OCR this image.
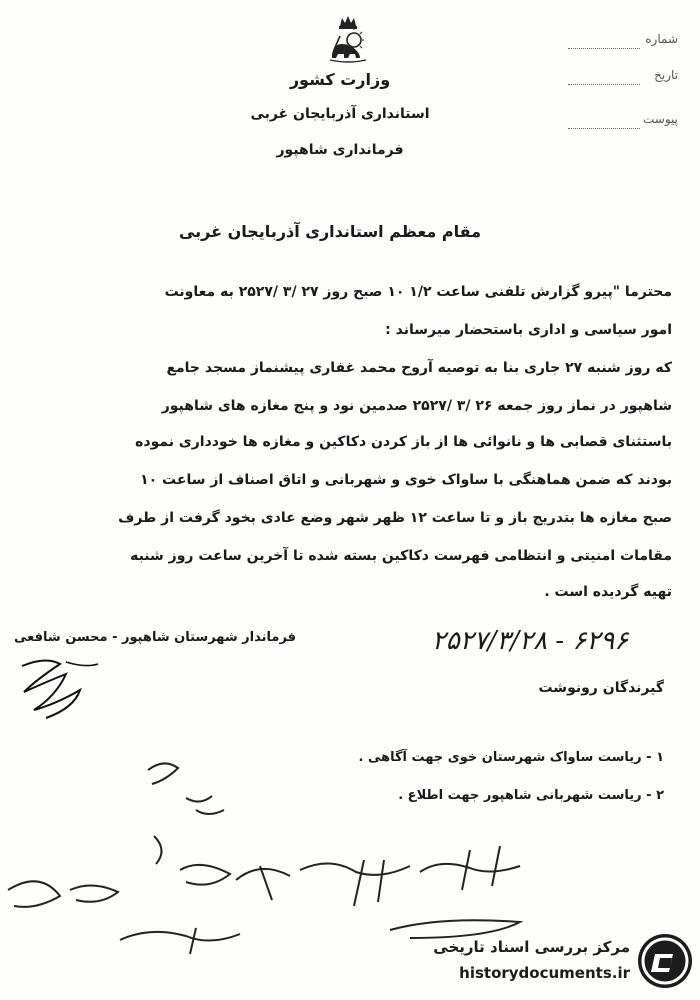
شماره
تاریخ
پیوست
وزارت کشور
استانداری آذربایجان غربی
فرمانداری شاهپور
مقام معظم استانداری آذربایجان غربی
محترما "پیرو گزارش تلفنی ساعت ۱/۲ ۱۰ صبح روز ۲۷ /۳ /۲۵۲۷ به معاونت
امور سیاسی و اداری باستحضار میرساند :
که روز شنبه ۲۷ جاری بنا به توصیه آروح محمد غفاری پیشنماز مسجد جامع
شاهپور در نماز روز جمعه ۲۶ /۳ /۲۵۲۷ صدمین نود و پنج مغازه های شاهپور
باستثنای قصابی ها و نانوائی ها از باز کردن دکاکین و مغازه ها خودداری نموده
بودند که ضمن هماهنگی با ساواک خوی و شهربانی و اتاق اصناف از ساعت ۱۰
صبح مغازه ها بتدریج باز و تا ساعت ۱۲ ظهر شهر وضع عادی بخود گرفت از طرف
مقامات امنیتی و انتظامی فهرست دکاکین بسته شده تا آخرین ساعت روز شنبه
تهیه گردیده است .
فرماندار شهرستان شاهپور - محسن شافعی	۲۵۲۷/۳/۲۸ - ۶۲۹۶
گیرندگان رونوشت
۱ - ریاست ساواک شهرستان خوی جهت آگاهی .
۲ - ریاست شهربانی شاهپور جهت اطلاع .
مرکز بررسی اسناد تاریخی
historydocuments.ir
